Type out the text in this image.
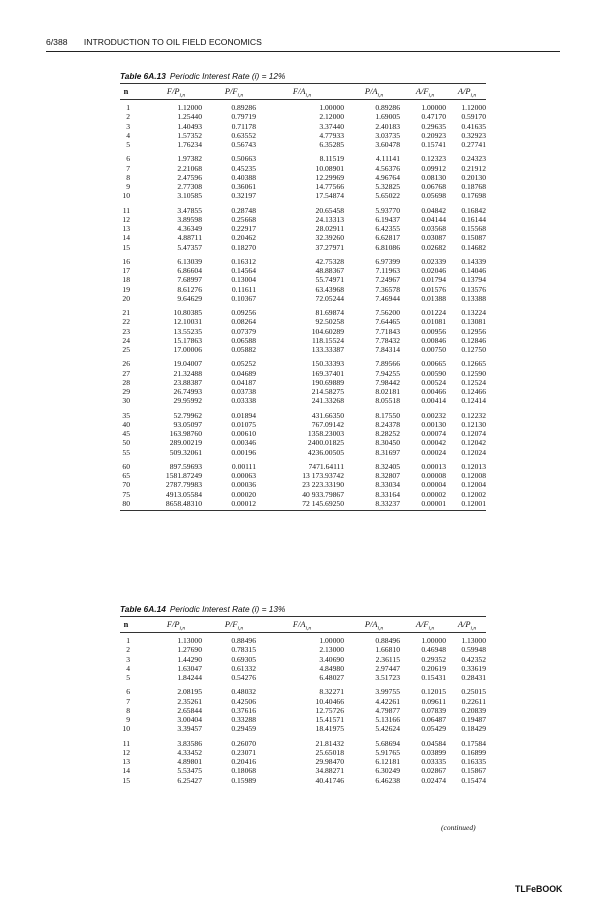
6/388 INTRODUCTION TO OIL FIELD ECONOMICS
Table 6A.13 Periodic Interest Rate (i) = 12%
n	$F/P_{i,n}$	$P/F_{i,n}$	$F/A_{i,n}$	$P/A_{i,n}$	$A/F_{i,n}$	$A/P_{i,n}$
1	1.12000	0.89286	1.00000	0.89286	1.00000	1.12000
2	1.25440	0.79719	2.12000	1.69005	0.47170	0.59170
3	1.40493	0.71178	3.37440	2.40183	0.29635	0.41635
4	1.57352	0.63552	4.77933	3.03735	0.20923	0.32923
5	1.76234	0.56743	6.35285	3.60478	0.15741	0.27741
6	1.97382	0.50663	8.11519	4.11141	0.12323	0.24323
7	2.21068	0.45235	10.08901	4.56376	0.09912	0.21912
8	2.47596	0.40388	12.29969	4.96764	0.08130	0.20130
9	2.77308	0.36061	14.77566	5.32825	0.06768	0.18768
10	3.10585	0.32197	17.54874	5.65022	0.05698	0.17698
11	3.47855	0.28748	20.65458	5.93770	0.04842	0.16842
12	3.89598	0.25668	24.13313	6.19437	0.04144	0.16144
13	4.36349	0.22917	28.02911	6.42355	0.03568	0.15568
14	4.88711	0.20462	32.39260	6.62817	0.03087	0.15087
15	5.47357	0.18270	37.27971	6.81086	0.02682	0.14682
16	6.13039	0.16312	42.75328	6.97399	0.02339	0.14339
17	6.86604	0.14564	48.88367	7.11963	0.02046	0.14046
18	7.68997	0.13004	55.74971	7.24967	0.01794	0.13794
19	8.61276	0.11611	63.43968	7.36578	0.01576	0.13576
20	9.64629	0.10367	72.05244	7.46944	0.01388	0.13388
21	10.80385	0.09256	81.69874	7.56200	0.01224	0.13224
22	12.10031	0.08264	92.50258	7.64465	0.01081	0.13081
23	13.55235	0.07379	104.60289	7.71843	0.00956	0.12956
24	15.17863	0.06588	118.15524	7.78432	0.00846	0.12846
25	17.00006	0.05882	133.33387	7.84314	0.00750	0.12750
26	19.04007	0.05252	150.33393	7.89566	0.00665	0.12665
27	21.32488	0.04689	169.37401	7.94255	0.00590	0.12590
28	23.88387	0.04187	190.69889	7.98442	0.00524	0.12524
29	26.74993	0.03738	214.58275	8.02181	0.00466	0.12466
30	29.95992	0.03338	241.33268	8.05518	0.00414	0.12414
35	52.79962	0.01894	431.66350	8.17550	0.00232	0.12232
40	93.05097	0.01075	767.09142	8.24378	0.00130	0.12130
45	163.98760	0.00610	1358.23003	8.28252	0.00074	0.12074
50	289.00219	0.00346	2400.01825	8.30450	0.00042	0.12042
55	509.32061	0.00196	4236.00505	8.31697	0.00024	0.12024
60	897.59693	0.00111	7471.64111	8.32405	0.00013	0.12013
65	1581.87249	0.00063	13 173.93742	8.32807	0.00008	0.12008
70	2787.79983	0.00036	23 223.33190	8.33034	0.00004	0.12004
75	4913.05584	0.00020	40 933.79867	8.33164	0.00002	0.12002
80	8658.48310	0.00012	72 145.69250	8.33237	0.00001	0.12001
Table 6A.14 Periodic Interest Rate (i) = 13%
n	$F/P_{i,n}$	$P/F_{i,n}$	$F/A_{i,n}$	$P/A_{i,n}$	$A/F_{i,n}$	$A/P_{i,n}$
1	1.13000	0.88496	1.00000	0.88496	1.00000	1.13000
2	1.27690	0.78315	2.13000	1.66810	0.46948	0.59948
3	1.44290	0.69305	3.40690	2.36115	0.29352	0.42352
4	1.63047	0.61332	4.84980	2.97447	0.20619	0.33619
5	1.84244	0.54276	6.48027	3.51723	0.15431	0.28431
6	2.08195	0.48032	8.32271	3.99755	0.12015	0.25015
7	2.35261	0.42506	10.40466	4.42261	0.09611	0.22611
8	2.65844	0.37616	12.75726	4.79877	0.07839	0.20839
9	3.00404	0.33288	15.41571	5.13166	0.06487	0.19487
10	3.39457	0.29459	18.41975	5.42624	0.05429	0.18429
11	3.83586	0.26070	21.81432	5.68694	0.04584	0.17584
12	4.33452	0.23071	25.65018	5.91765	0.03899	0.16899
13	4.89801	0.20416	29.98470	6.12181	0.03335	0.16335
14	5.53475	0.18068	34.88271	6.30249	0.02867	0.15867
15	6.25427	0.15989	40.41746	6.46238	0.02474	0.15474
(continued)
TLFeBOOK
